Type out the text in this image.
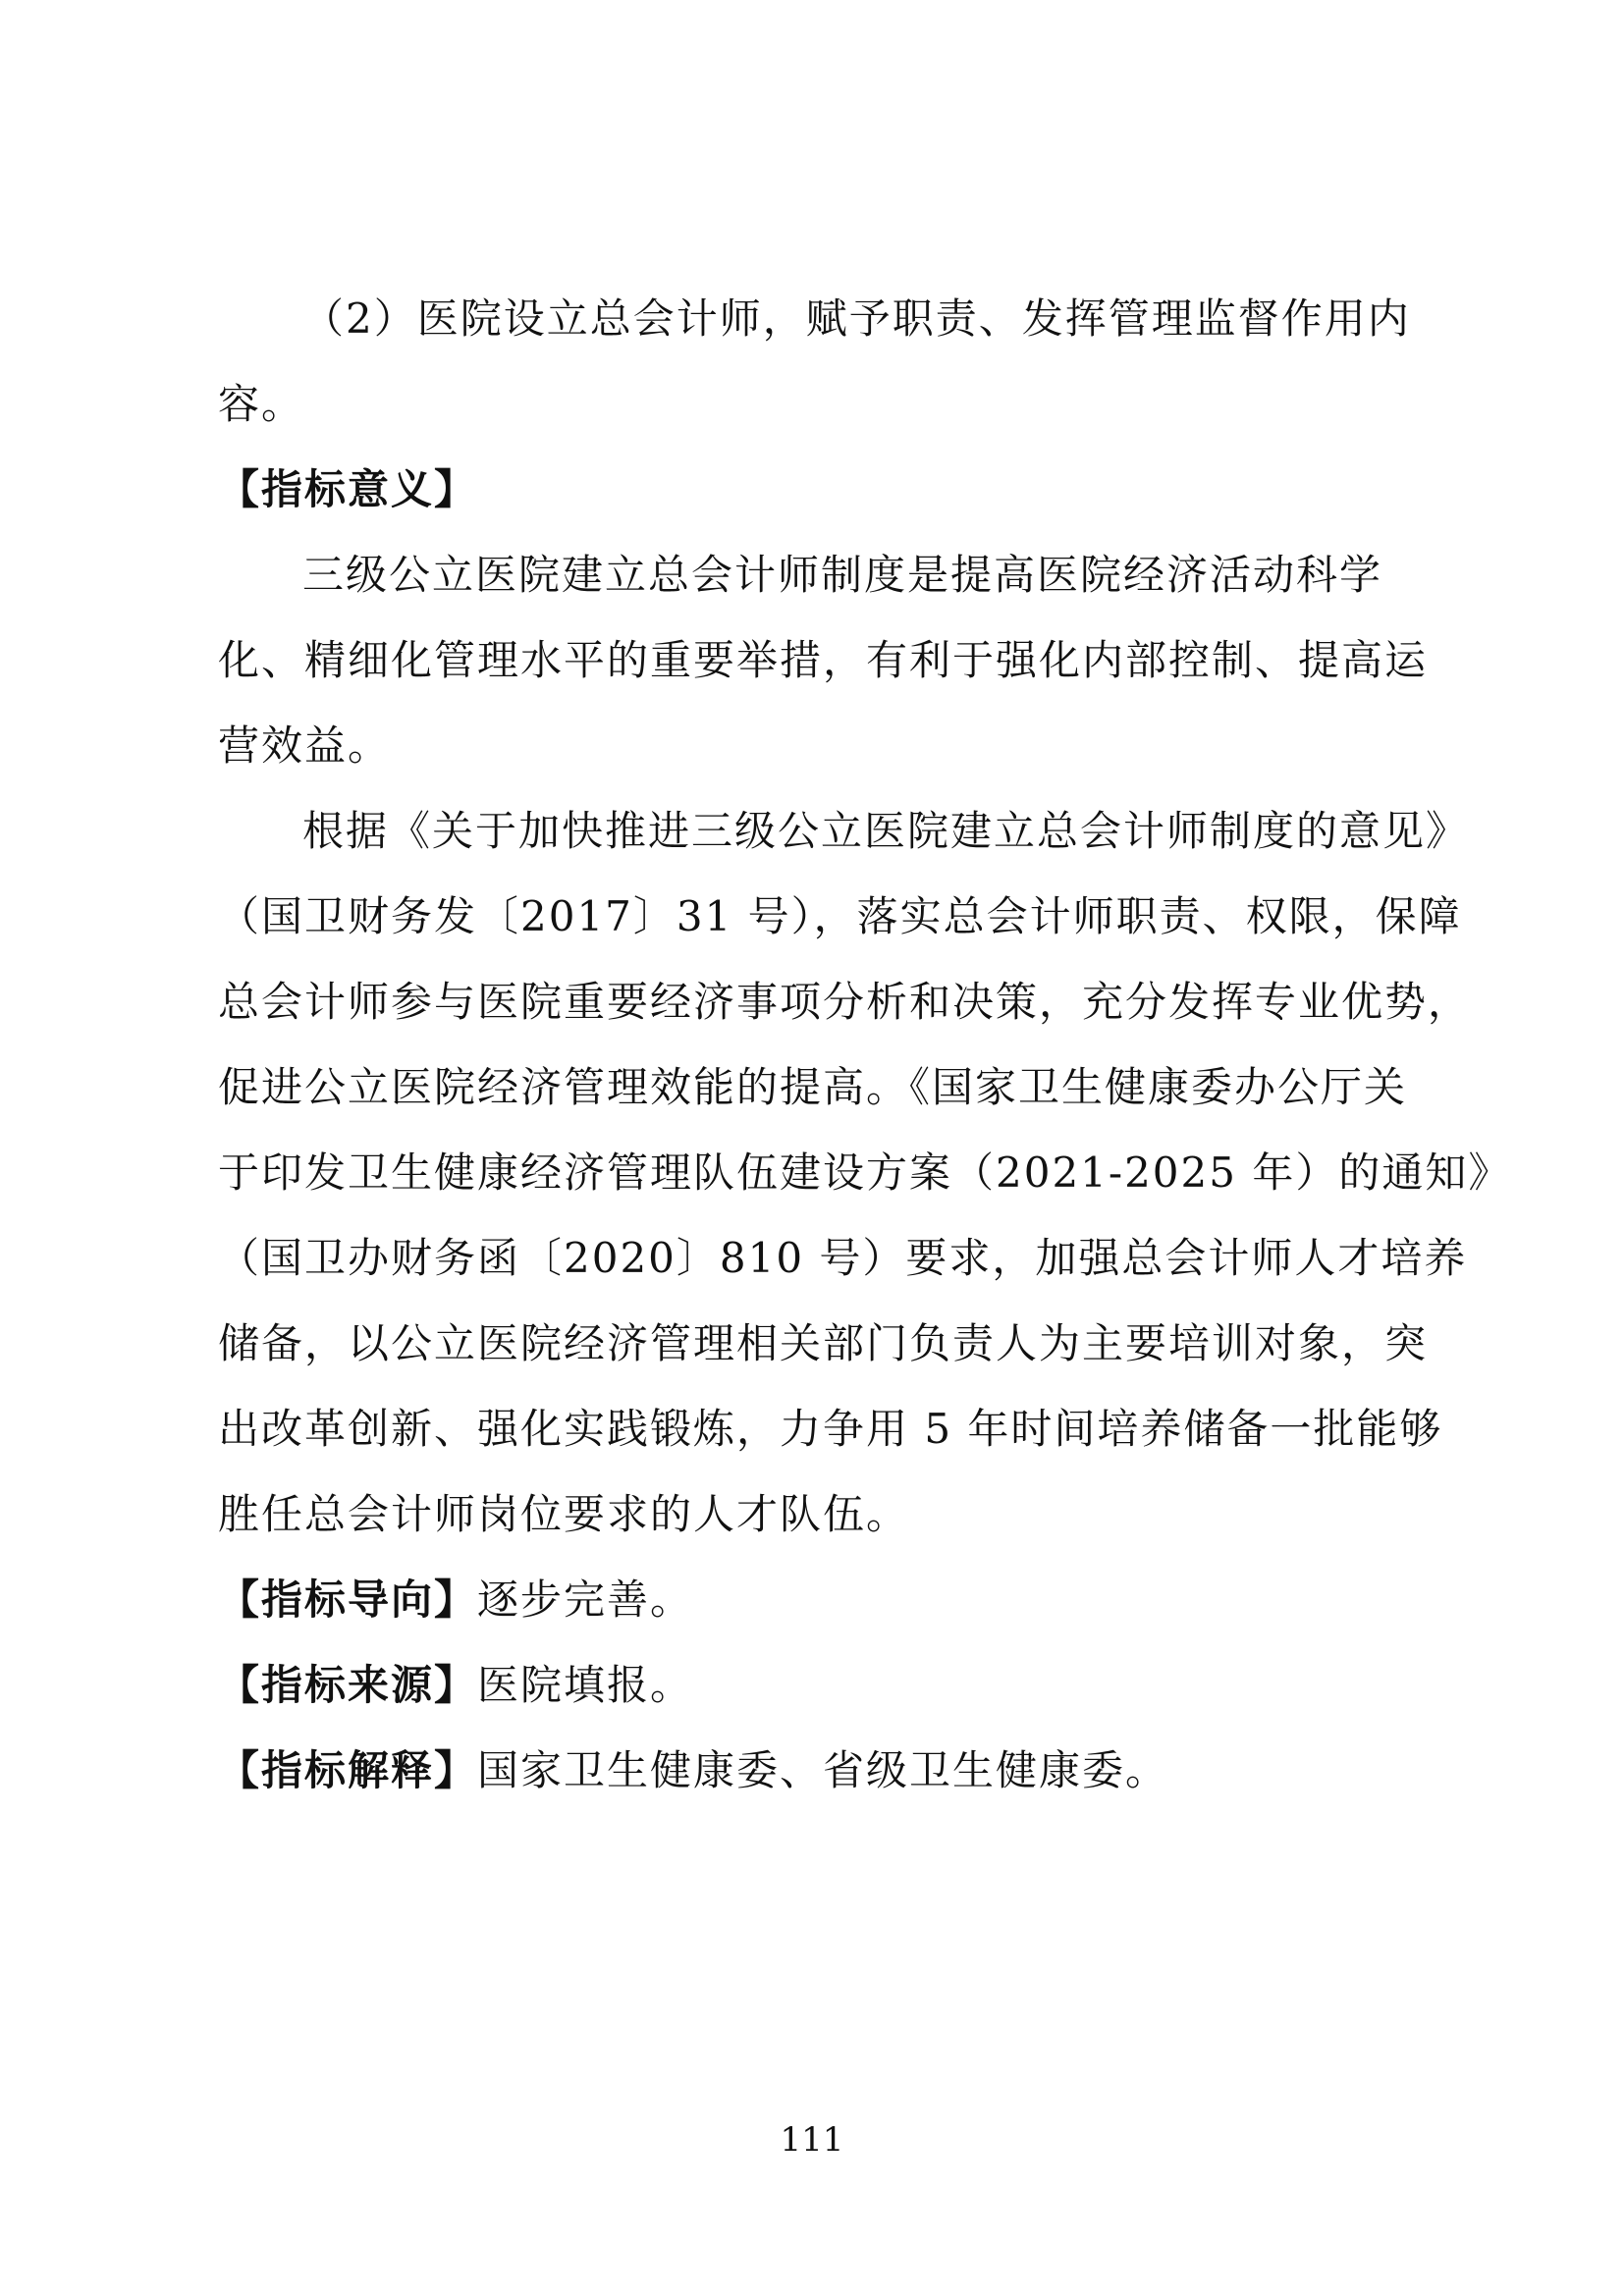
（2）医院设立总会计师，赋予职责、发挥管理监督作用内
容。
【指标意义】
三级公立医院建立总会计师制度是提高医院经济活动科学
化、精细化管理水平的重要举措，有利于强化内部控制、提高运
营效益。
根据《关于加快推进三级公立医院建立总会计师制度的意见》
（国卫财务发〔2017〕31 号），落实总会计师职责、权限，保障
总会计师参与医院重要经济事项分析和决策，充分发挥专业优势，
促进公立医院经济管理效能的提高。《国家卫生健康委办公厅关
于印发卫生健康经济管理队伍建设方案（2021-2025 年）的通知》
（国卫办财务函〔2020〕810 号）要求，加强总会计师人才培养
储备，以公立医院经济管理相关部门负责人为主要培训对象，突
出改革创新、强化实践锻炼，力争用 5 年时间培养储备一批能够
胜任总会计师岗位要求的人才队伍。
【指标导向】逐步完善。
【指标来源】医院填报。
【指标解释】国家卫生健康委、省级卫生健康委。
111
